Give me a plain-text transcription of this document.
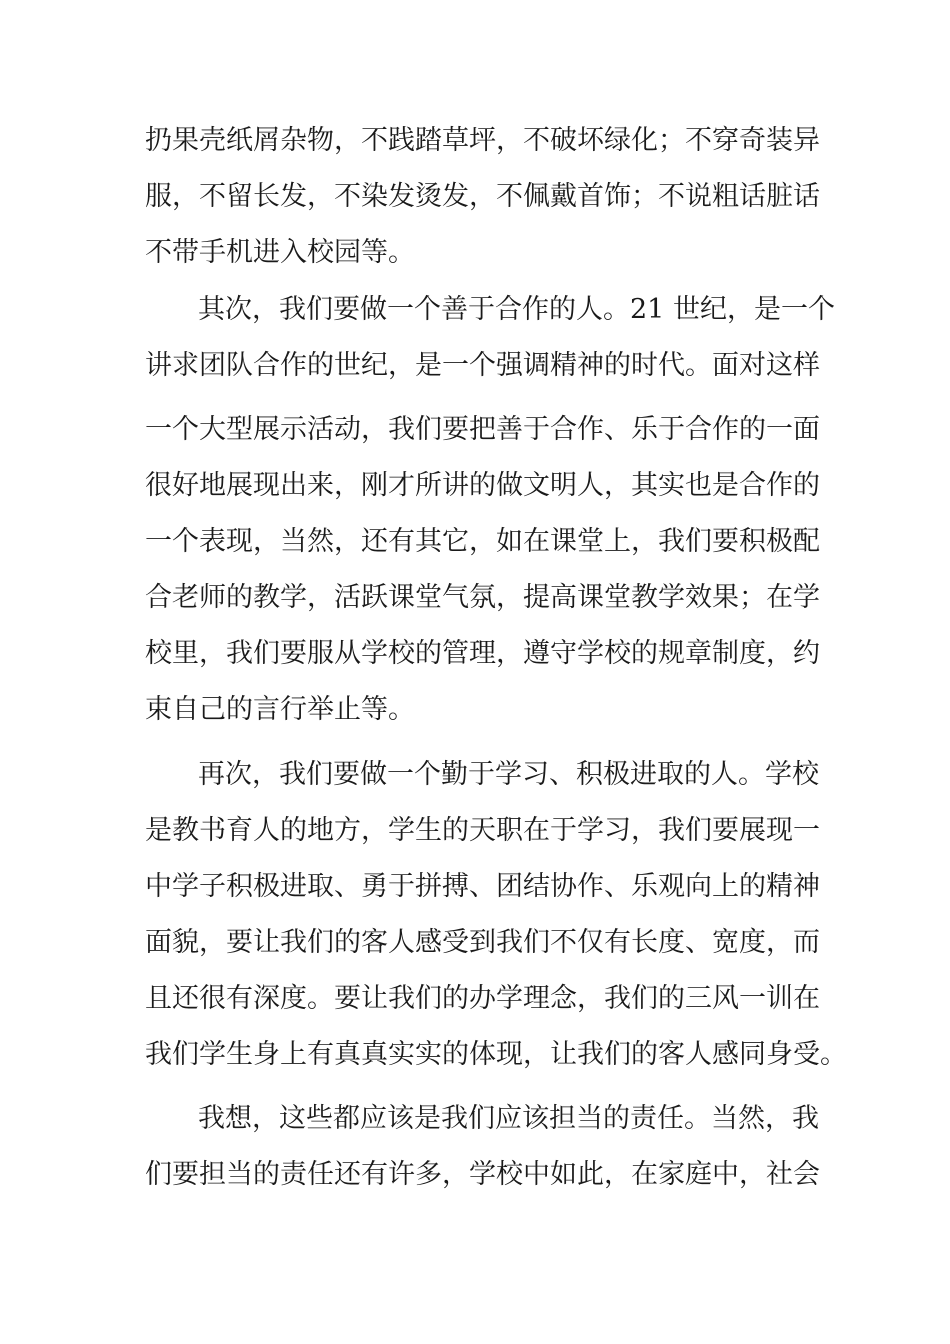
扔果壳纸屑杂物，不践踏草坪，不破坏绿化；不穿奇装异
服，不留长发，不染发烫发，不佩戴首饰；不说粗话脏话
不带手机进入校园等。
其次，我们要做一个善于合作的人。21 世纪，是一个
讲求团队合作的世纪，是一个强调精神的时代。面对这样
一个大型展示活动，我们要把善于合作、乐于合作的一面
很好地展现出来，刚才所讲的做文明人，其实也是合作的
一个表现，当然，还有其它，如在课堂上，我们要积极配
合老师的教学，活跃课堂气氛，提高课堂教学效果；在学
校里，我们要服从学校的管理，遵守学校的规章制度，约
束自己的言行举止等。
再次，我们要做一个勤于学习、积极进取的人。学校
是教书育人的地方，学生的天职在于学习，我们要展现一
中学子积极进取、勇于拼搏、团结协作、乐观向上的精神
面貌，要让我们的客人感受到我们不仅有长度、宽度，而
且还很有深度。要让我们的办学理念，我们的三风一训在
我们学生身上有真真实实的体现，让我们的客人感同身受。
我想，这些都应该是我们应该担当的责任。当然，我
们要担当的责任还有许多，学校中如此，在家庭中，社会
